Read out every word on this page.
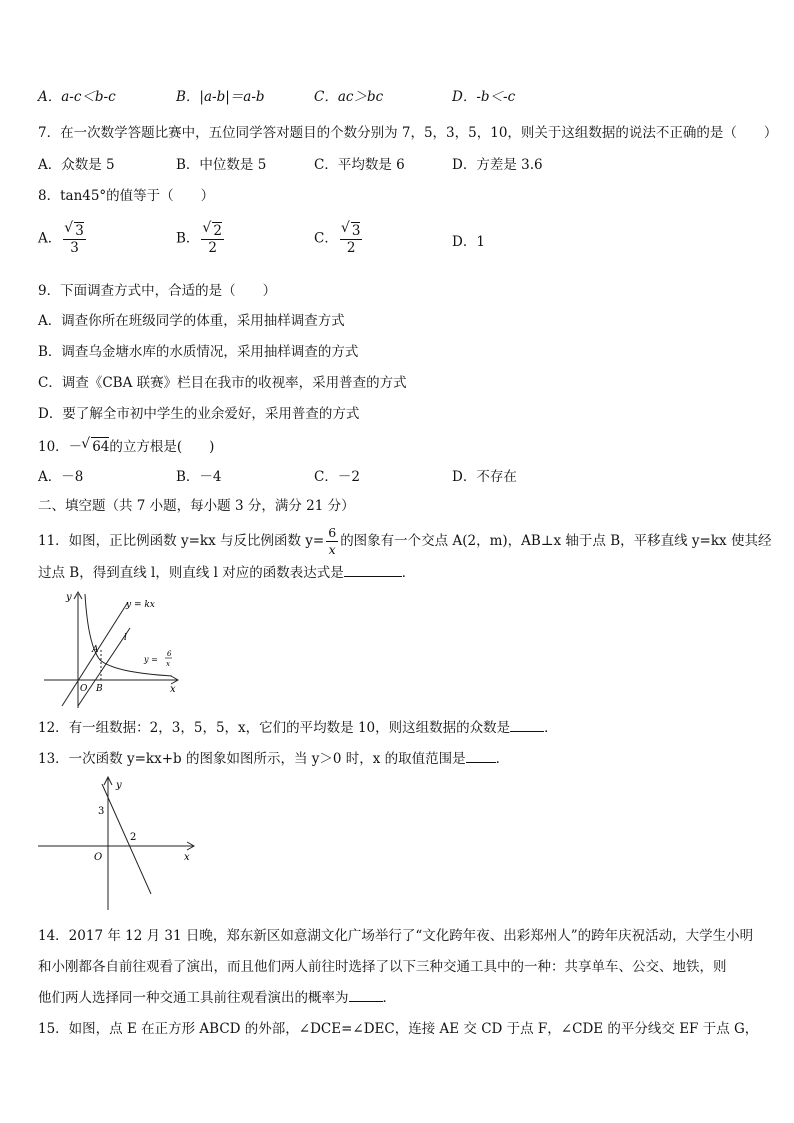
A．a-c＜b-c	B．|a-b|＝a-b	C．ac＞bc	D．-b＜-c
7．在一次数学答题比赛中，五位同学答对题目的个数分别为 7，5，3，5，10，则关于这组数据的说法不正确的是（　　）
A．众数是 5	B．中位数是 5	C．平均数是 6	D．方差是 3.6
8．tan45°的值等于（　　）
A． √ $\frac{3}{3}$	B． √ $\frac{2}{2}$	C． √ $\frac{3}{2}$	D．1
9．下面调查方式中，合适的是（　　）
A．调查你所在班级同学的体重，采用抽样调查方式
B．调查乌金塘水库的水质情况，采用抽样调查的方式
C．调查《CBA 联赛》栏目在我市的收视率，采用普查的方式
D．要了解全市初中学生的业余爱好，采用普查的方式
10．－ √ 64的立方根是(　　)
A．－8	B．－4	C．－2	D．不存在
二、填空题（共 7 小题，每小题 3 分，满分 21 分）
11．如图，正比例函数 y=kx 与反比例函数 $y= \frac{6}{x}$ 的图象有一个交点 A(2，m)，AB⊥x 轴于点 B，平移直线 y=kx 使其经
过点 B，得到直线 l，则直线 l 对应的函数表达式是	．
y
x
y = kx
l
y =
6
x
A
O B
12．有一组数据：2，3，5，5，x，它们的平均数是 10，则这组数据的众数是	．
13．一次函数 y=kx+b 的图象如图所示，当 y＞0 时，x 的取值范围是 ．
y
x
O
3
2
14．2017 年 12 月 31 日晚，郑东新区如意湖文化广场举行了“文化跨年夜、出彩郑州人”的跨年庆祝活动，大学生小明
和小刚都各自前往观看了演出，而且他们两人前往时选择了以下三种交通工具中的一种：共享单车、公交、地铁，则
他们两人选择同一种交通工具前往观看演出的概率为	．
15．如图，点 E 在正方形 ABCD 的外部，∠DCE=∠DEC，连接 AE 交 CD 于点 F，∠CDE 的平分线交 EF 于点 G，
